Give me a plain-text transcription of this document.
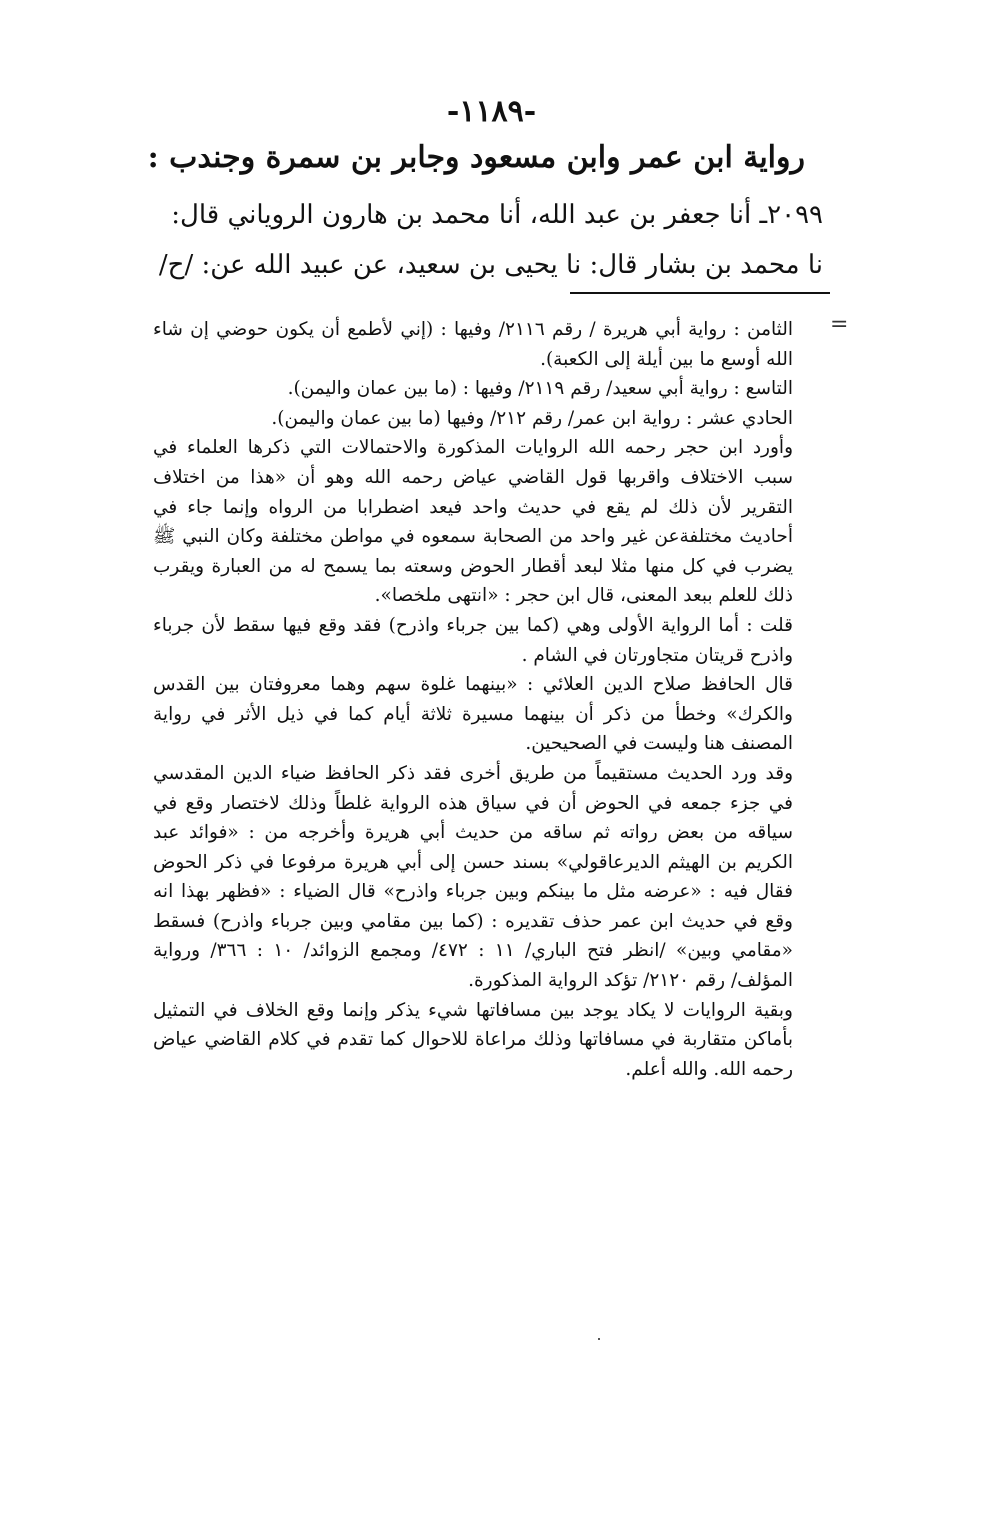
-١١٨٩-
رواية ابن عمر وابن مسعود وجابر بن سمرة وجندب :
٢٠٩٩ـ أنا جعفر بن عبد الله، أنا محمد بن هارون الروياني قال:
نا محمد بن بشار قال: نا يحيى بن سعيد، عن عبيد الله عن: /ح/
=

الثامن : رواية أبي هريرة / رقم ٢١١٦/ وفيها : (إني لأطمع أن يكون حوضي إن شاء الله أوسع ما بين أيلة إلى الكعبة).

التاسع : رواية أبي سعيد/ رقم ٢١١٩/ وفيها : (ما بين عمان واليمن).

الحادي عشر : رواية ابن عمر/ رقم ٢١٢/ وفيها (ما بين عمان واليمن).

وأورد ابن حجر رحمه الله الروايات المذكورة والاحتمالات التي ذكرها العلماء في سبب الاختلاف واقربها قول القاضي عياض رحمه الله وهو أن «هذا من اختلاف التقرير لأن ذلك لم يقع في حديث واحد فيعد اضطرابا من الرواه وإنما جاء في أحاديث مختلفةعن غير واحد من الصحابة سمعوه في مواطن مختلفة وكان النبي ﷺ يضرب في كل منها مثلا لبعد أقطار الحوض وسعته بما يسمح له من العبارة ويقرب ذلك للعلم ببعد المعنى، قال ابن حجر : «انتهى ملخصا».

قلت : أما الرواية الأولى وهي (كما بين جرباء واذرح) فقد وقع فيها سقط لأن جرباء واذرح قريتان متجاورتان في الشام .

قال الحافظ صلاح الدين العلائي : «بينهما غلوة سهم وهما معروفتان بين القدس والكرك» وخطأ من ذكر أن بينهما مسيرة ثلاثة أيام كما في ذيل الأثر في رواية المصنف هنا وليست في الصحيحين.

وقد ورد الحديث مستقيماً من طريق أخرى فقد ذكر الحافظ ضياء الدين المقدسي في جزء جمعه في الحوض أن في سياق هذه الرواية غلطاً وذلك لاختصار وقع في سياقه من بعض رواته ثم ساقه من حديث أبي هريرة وأخرجه من : «فوائد عبد الكريم بن الهيثم الديرعاقولي» بسند حسن إلى أبي هريرة مرفوعا في ذكر الحوض فقال فيه : «عرضه مثل ما بينكم وبين جرباء واذرح» قال الضياء : «فظهر بهذا انه وقع في حديث ابن عمر حذف تقديره : (كما بين مقامي وبين جرباء واذرح) فسقط «مقامي وبين» /انظر فتح الباري/ ١١ : ٤٧٢/ ومجمع الزوائد/ ١٠ : ٣٦٦/ ورواية المؤلف/ رقم ٢١٢٠/ تؤكد الرواية المذكورة.

وبقية الروايات لا يكاد يوجد بين مسافاتها شيء يذكر وإنما وقع الخلاف في التمثيل بأماكن متقاربة في مسافاتها وذلك مراعاة للاحوال كما تقدم في كلام القاضي عياض رحمه الله. والله أعلم.
